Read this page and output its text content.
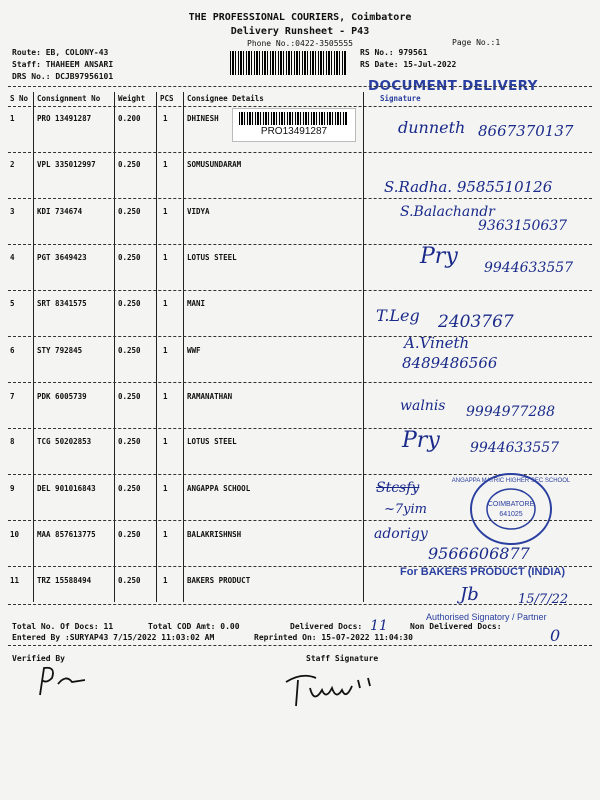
THE PROFESSIONAL COURIERS, Coimbatore
Delivery Runsheet - P43
Phone No.:0422-3505555	Page No.:1
Route: EB, COLONY-43
Staff: THAHEEM ANSARI
DRS No.: DCJB97956101
RS No.: 979561
RS Date: 15-Jul-2022
DOCUMENT DELIVERY
S No Consignment No Weight PCS Consignee Details	Signature
1	PRO 13491287	0.200	1	DHINESH
PRO13491287	dunneth 8667370137
2	VPL 335012997	0.250	1	SOMUSUNDARAM
S.Radha. 9585510126
3	KDI 734674	0.250	1	VIDYA	S.Balachandr
9363150637
4	PGT 3649423	0.250	1	LOTUS STEEL	Pry 9944633557
5	SRT 8341575	0.250	1	MANI
T.Leg 2403767
6	STY 792845	0.250	1	WWF	A.Vineth
8489486566
7	PDK 6005739	0.250	1	RAMANATHAN
walnis 9994977288
8	TCG 50202853	0.250	1	LOTUS STEEL	Pry 9944633557
9	DEL 901016843	0.250	1	ANGAPPA SCHOOL	Stcsfy
~7yim	COIMBATORE
641025
ANGAPPA MATRIC HIGHER SEC SCHOOL
10 MAA 857613775	0.250	1	BALAKRISHNSH	adorigy
9566606877
11 TRZ 15588494	0.250	1	BAKERS PRODUCT
For BAKERS PRODUCT (INDIA)
Jb	15/7/22
Authorised Signatory / Partner
Total No. Of Docs: 11	Total COD Amt: 0.00	Delivered Docs: 11	Non Delivered Docs:	0
Entered By :SURYAP43 7/15/2022 11:03:02 AM	Reprinted On: 15-07-2022 11:04:30
Verified By	Staff Signature
